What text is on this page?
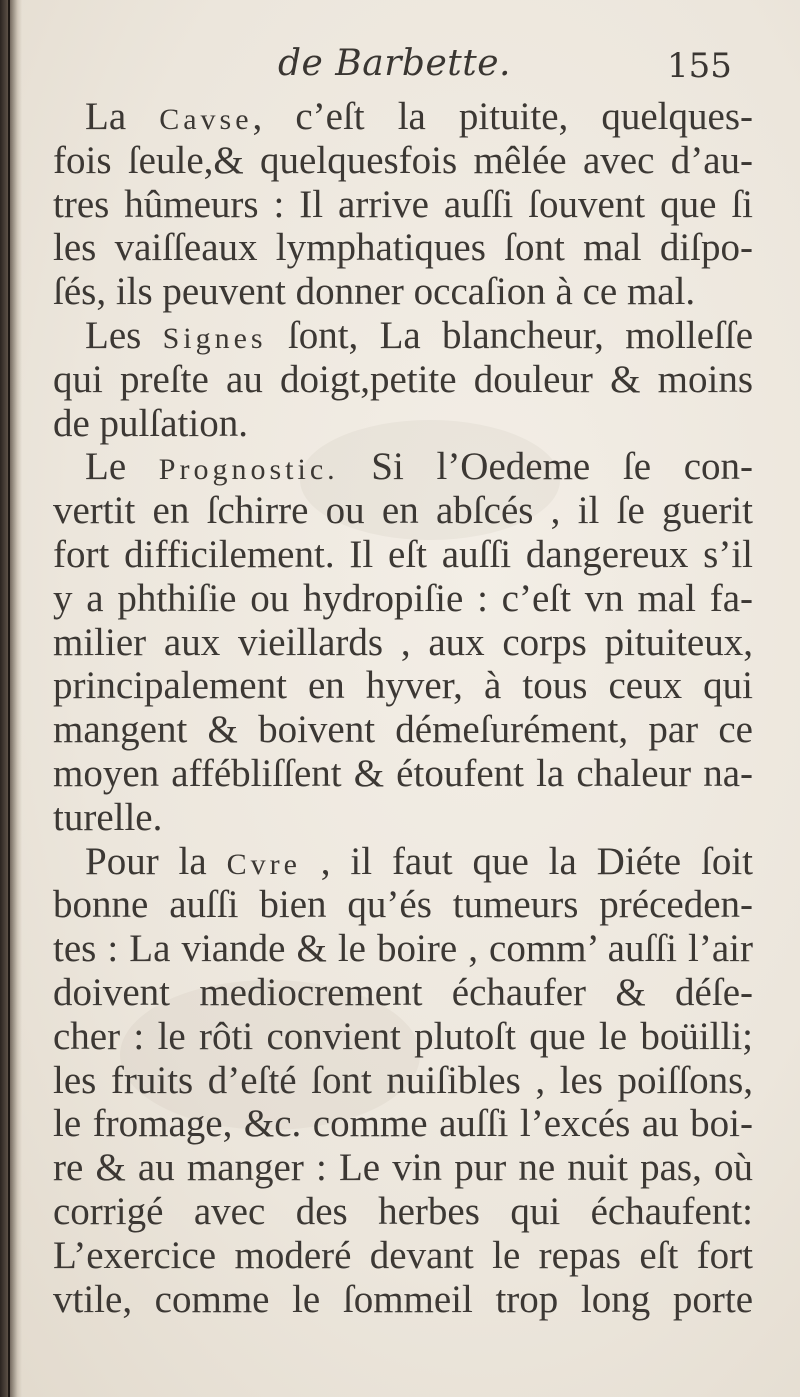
de Barbette.	155
La Cavse, c’eſt la pituite, quelques-
fois ſeule,& quelquesfois mêlée avec d’au-
tres hûmeurs : Il arrive auſſi ſouvent que ſi
les vaiſſeaux lymphatiques ſont mal diſpo-
ſés, ils peuvent donner occaſion à ce mal.
Les Signes ſont, La blancheur, molleſſe
qui preſte au doigt,petite douleur & moins
de pulſation.
Le Prognostic. Si l’Oedeme ſe con-
vertit en ſchirre ou en abſcés , il ſe guerit
fort difficilement. Il eſt auſſi dangereux s’il
y a phthiſie ou hydropiſie : c’eſt vn mal fa-
milier aux vieillards , aux corps pituiteux,
principalement en hyver, à tous ceux qui
mangent & boivent démeſurément, par ce
moyen affébliſſent & étoufent la chaleur na-
turelle.
Pour la Cvre , il faut que la Diéte ſoit
bonne auſſi bien qu’és tumeurs préceden-
tes : La viande & le boire , comm’ auſſi l’air
doivent mediocrement échaufer & déſe-
cher : le rôti convient plutoſt que le boüilli;
les fruits d’eſté ſont nuiſibles , les poiſſons,
le fromage, &c. comme auſſi l’excés au boi-
re & au manger : Le vin pur ne nuit pas, où
corrigé avec des herbes qui échaufent:
L’exercice moderé devant le repas eſt fort
vtile, comme le ſommeil trop long porte
